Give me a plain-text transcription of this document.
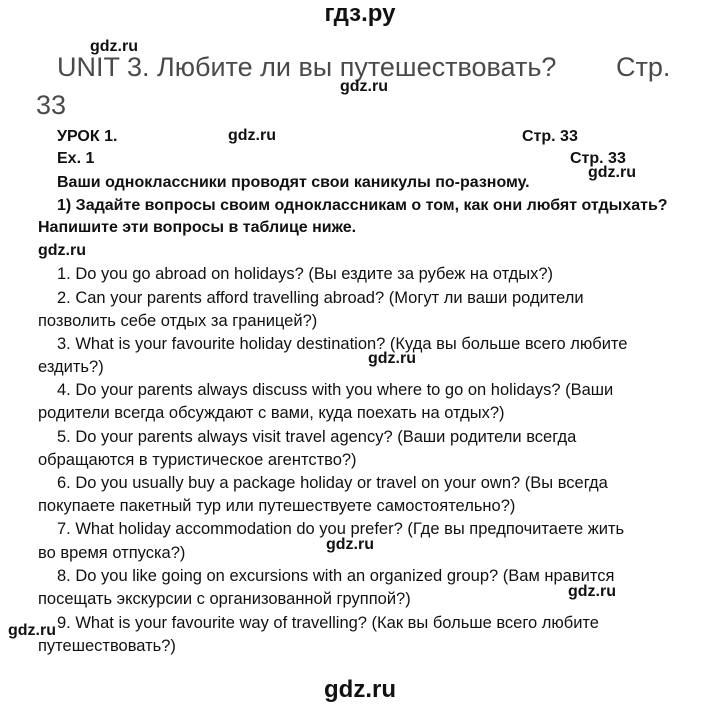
гдз.ру
gdz.ru
UNIT 3. Любите ли вы путешествовать? Стр.
gdz.ru
33
УРОК 1.	gdz.ru	Стр. 33
Ex. 1	Стр. 33
Ваши одноклассники проводят свои каникулы по-разному.
gdz.ru
1) Задайте вопросы своим одноклассникам о том, как они любят отдыхать?
Напишите эти вопросы в таблице ниже.
gdz.ru
1. Do you go abroad on holidays? (Вы ездите за рубеж на отдых?)
2. Can your parents afford travelling abroad? (Могут ли ваши родители
позволить себе отдых за границей?)
3. What is your favourite holiday destination? (Куда вы больше всего любите
gdz.ru
ездить?)
4. Do your parents always discuss with you where to go on holidays? (Ваши
родители всегда обсуждают с вами, куда поехать на отдых?)
5. Do your parents always visit travel agency? (Ваши родители всегда
обращаются в туристическое агентство?)
6. Do you usually buy a package holiday or travel on your own? (Вы всегда
покупаете пакетный тур или путешествуете самостоятельно?)
7. What holiday accommodation do you prefer? (Где вы предпочитаете жить
gdz.ru
во время отпуска?)
8. Do you like going on excursions with an organized group? (Вам нравится
gdz.ru
посещать экскурсии с организованной группой?)
gdz.ru 9. What is your favourite way of travelling? (Как вы больше всего любите
путешествовать?)
gdz.ru
